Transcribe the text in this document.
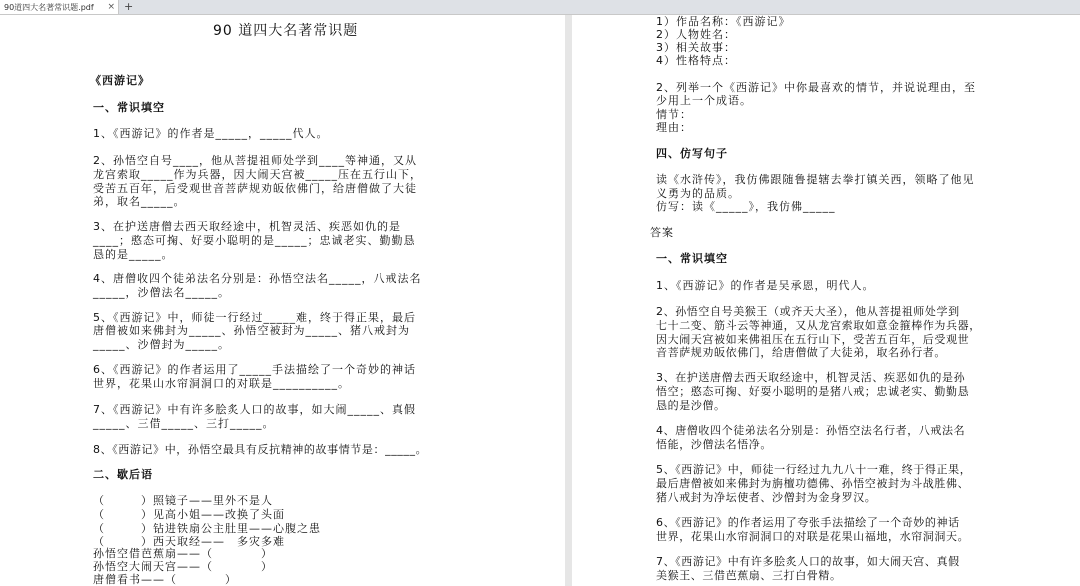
90道四大名著常识题.pdf	× +
90 道四大名著常识题
《西游记》
一、常识填空
1、《西游记》的作者是_____，_____代人。
2、孙悟空自号____，他从菩提祖师处学到____等神通，又从
龙宫索取_____作为兵器，因大闹天宫被_____压在五行山下，
受苦五百年，后受观世音菩萨规劝皈依佛门，给唐僧做了大徒
弟，取名_____。
3、在护送唐僧去西天取经途中，机智灵活、疾恶如仇的是
____；憨态可掬、好耍小聪明的是_____；忠诚老实、勤勤恳
恳的是_____。
4、唐僧收四个徒弟法名分别是：孙悟空法名_____，八戒法名
_____，沙僧法名_____。
5、《西游记》中，师徒一行经过_____难，终于得正果，最后
唐僧被如来佛封为_____、孙悟空被封为_____、猪八戒封为
_____、沙僧封为_____。
6、《西游记》的作者运用了_____手法描绘了一个奇妙的神话
世界，花果山水帘洞洞口的对联是__________。
7、《西游记》中有许多脍炙人口的故事，如大闹_____、真假
_____、三借_____、三打_____。
8、《西游记》中，孙悟空最具有反抗精神的故事情节是：_____。
二、歇后语
（　　　）照镜子——里外不是人
（　　　）见高小姐——改换了头面
（　　　）钻进铁扇公主肚里——心腹之患
（　　　）西天取经——　多灾多难
孙悟空借芭蕉扇——（　　　　）
孙悟空大闹天宫——（　　　　）
唐僧看书——（　　　　）
1）作品名称：《西游记》
2）人物姓名：
3）相关故事：
4）性格特点：
2、列举一个《西游记》中你最喜欢的情节，并说说理由，至
少用上一个成语。
情节：
理由：
四、仿写句子
读《水浒传》，我仿佛跟随鲁提辖去拳打镇关西，领略了他见
义勇为的品质。
仿写：读《_____》，我仿佛_____
答案
一、常识填空
1、《西游记》的作者是吴承恩，明代人。
2、孙悟空自号美猴王（或齐天大圣），他从菩提祖师处学到
七十二变、筋斗云等神通，又从龙宫索取如意金箍棒作为兵器，
因大闹天宫被如来佛祖压在五行山下，受苦五百年，后受观世
音菩萨规劝皈依佛门，给唐僧做了大徒弟，取名孙行者。
3、在护送唐僧去西天取经途中，机智灵活、疾恶如仇的是孙
悟空；憨态可掬、好耍小聪明的是猪八戒；忠诚老实、勤勤恳
恳的是沙僧。
4、唐僧收四个徒弟法名分别是：孙悟空法名行者，八戒法名
悟能，沙僧法名悟净。
5、《西游记》中，师徒一行经过九九八十一难，终于得正果，
最后唐僧被如来佛封为旃檀功德佛、孙悟空被封为斗战胜佛、
猪八戒封为净坛使者、沙僧封为金身罗汉。
6、《西游记》的作者运用了夸张手法描绘了一个奇妙的神话
世界，花果山水帘洞洞口的对联是花果山福地，水帘洞洞天。
7、《西游记》中有许多脍炙人口的故事，如大闹天宫、真假
美猴王、三借芭蕉扇、三打白骨精。
